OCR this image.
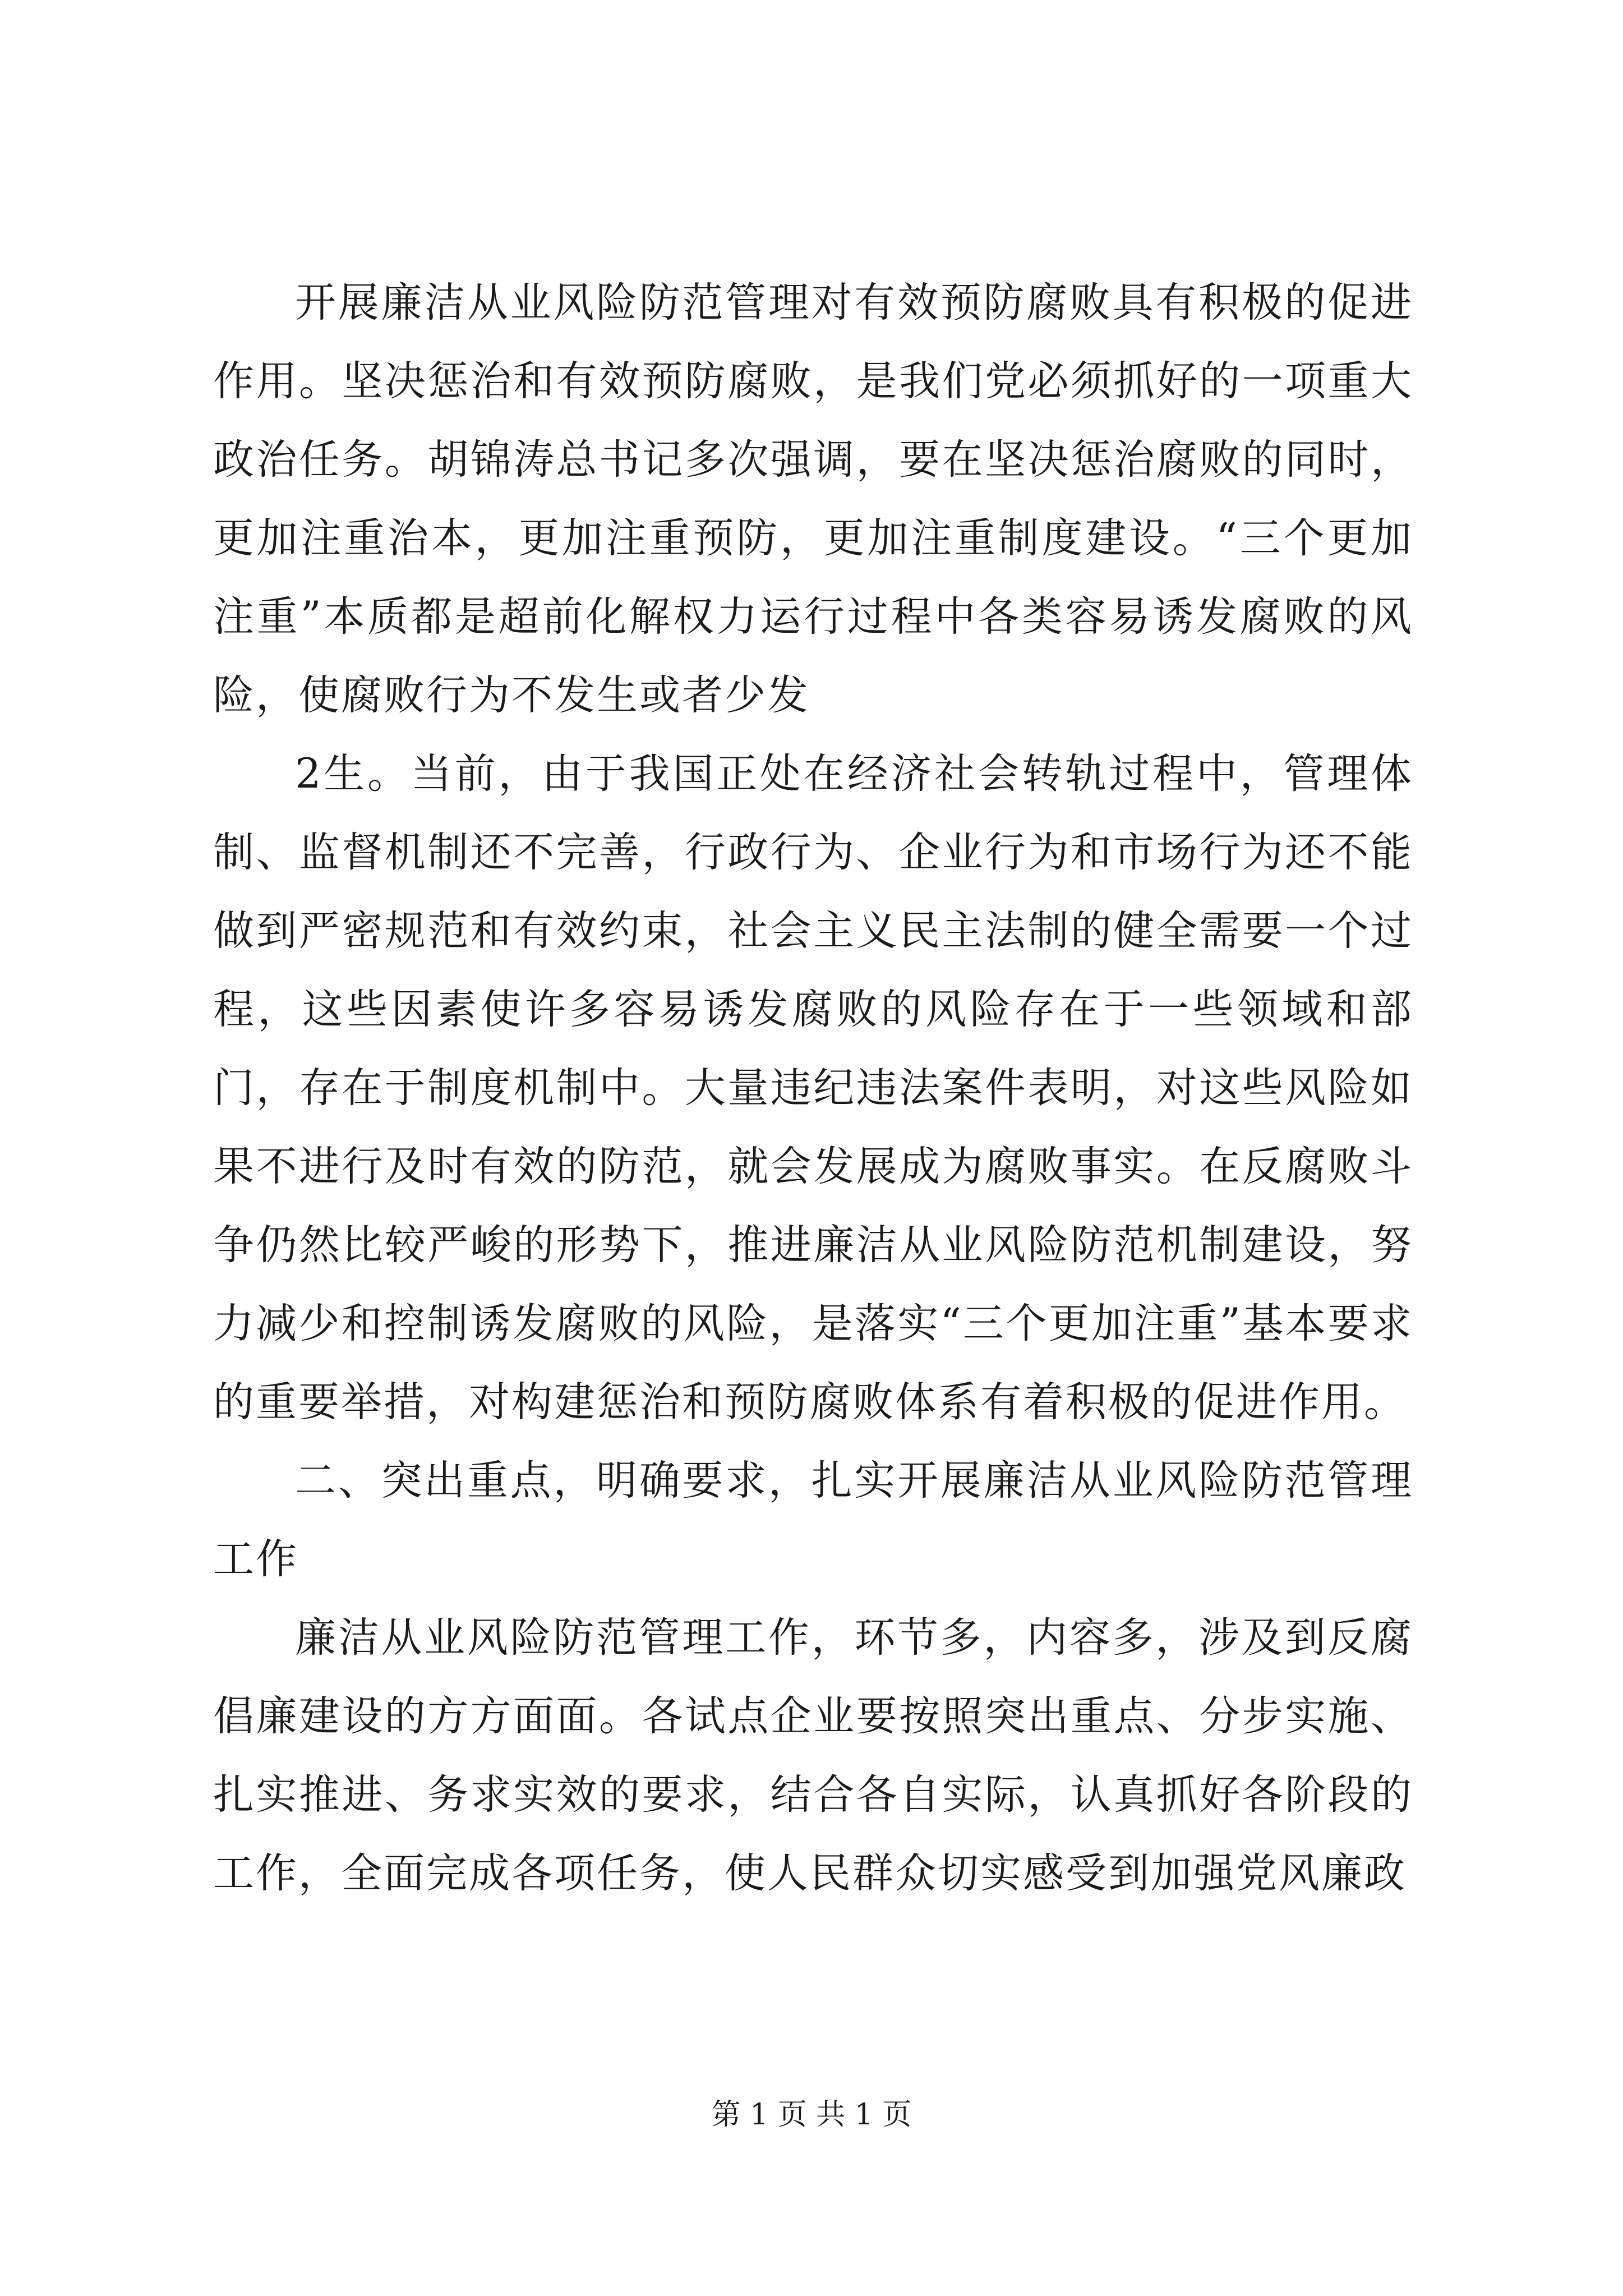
开展廉洁从业风险防范管理对有效预防腐败具有积极的促进作用。坚决惩治和有效预防腐败，是我们党必须抓好的一项重大政治任务。胡锦涛总书记多次强调，要在坚决惩治腐败的同时，更加注重治本，更加注重预防，更加注重制度建设。“三个更加注重”本质都是超前化解权力运行过程中各类容易诱发腐败的风险，使腐败行为不发生或者少发

2生。当前，由于我国正处在经济社会转轨过程中，管理体制、监督机制还不完善，行政行为、企业行为和市场行为还不能做到严密规范和有效约束，社会主义民主法制的健全需要一个过程，这些因素使许多容易诱发腐败的风险存在于一些领域和部门，存在于制度机制中。大量违纪违法案件表明，对这些风险如果不进行及时有效的防范，就会发展成为腐败事实。在反腐败斗争仍然比较严峻的形势下，推进廉洁从业风险防范机制建设，努力减少和控制诱发腐败的风险，是落实“三个更加注重”基本要求的重要举措，对构建惩治和预防腐败体系有着积极的促进作用。

二、突出重点，明确要求，扎实开展廉洁从业风险防范管理工作

廉洁从业风险防范管理工作，环节多，内容多，涉及到反腐倡廉建设的方方面面。各试点企业要按照突出重点、分步实施、扎实推进、务求实效的要求，结合各自实际，认真抓好各阶段的工作，全面完成各项任务，使人民群众切实感受到加强党风廉政

第 1 页 共 1 页
